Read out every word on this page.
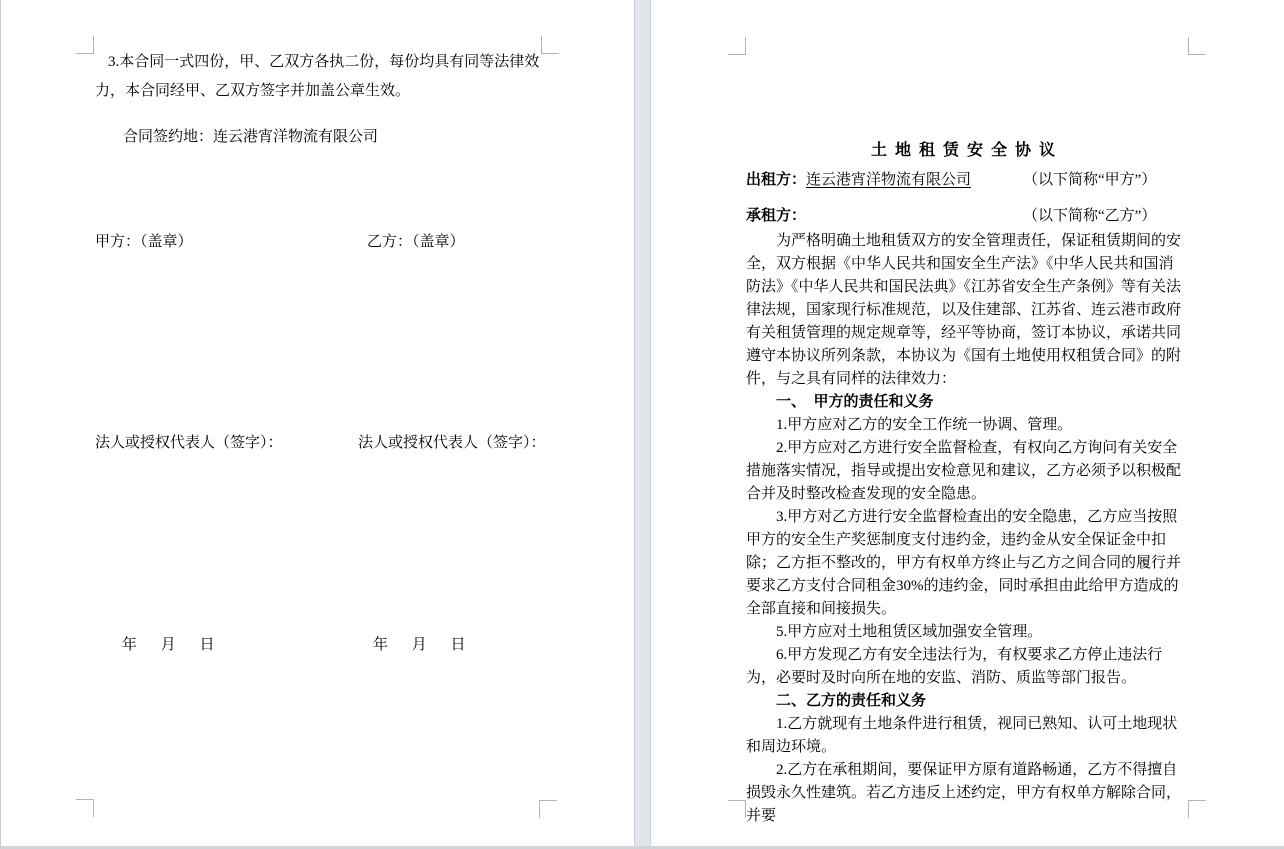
3.本合同一式四份，甲、乙双方各执二份，每份均具有同等法律效力，本合同经甲、乙双方签字并加盖公章生效。

合同签约地：连云港宵洋物流有限公司

甲方：（盖章）	乙方：（盖章）

法人或授权代表人（签字）：	法人或授权代表人（签字）：

年 月 日	年 月 日

土地租赁安全协议

出租方：连云港宵洋物流有限公司	（以下简称“甲方”）
承租方：	（以下简称“乙方”）

为严格明确土地租赁双方的安全管理责任，保证租赁期间的安全，双方根据《中华人民共和国安全生产法》《中华人民共和国消防法》《中华人民共和国民法典》《江苏省安全生产条例》等有关法律法规，国家现行标准规范，以及住建部、江苏省、连云港市政府有关租赁管理的规定规章等，经平等协商，签订本协议，承诺共同遵守本协议所列条款，本协议为《国有土地使用权租赁合同》的附件，与之具有同样的法律效力：

一、　甲方的责任和义务

1.甲方应对乙方的安全工作统一协调、管理。

2.甲方应对乙方进行安全监督检查，有权向乙方询问有关安全措施落实情况，指导或提出安检意见和建议，乙方必须予以积极配合并及时整改检查发现的安全隐患。

3.甲方对乙方进行安全监督检查出的安全隐患，乙方应当按照甲方的安全生产奖惩制度支付违约金，违约金从安全保证金中扣除；乙方拒不整改的，甲方有权单方终止与乙方之间合同的履行并要求乙方支付合同租金30%的违约金，同时承担由此给甲方造成的全部直接和间接损失。

5.甲方应对土地租赁区域加强安全管理。

6.甲方发现乙方有安全违法行为，有权要求乙方停止违法行为，必要时及时向所在地的安监、消防、质监等部门报告。

二、乙方的责任和义务

1.乙方就现有土地条件进行租赁，视同已熟知、认可土地现状和周边环境。

2.乙方在承租期间，要保证甲方原有道路畅通，乙方不得擅自损毁永久性建筑。若乙方违反上述约定，甲方有权单方解除合同，并要
